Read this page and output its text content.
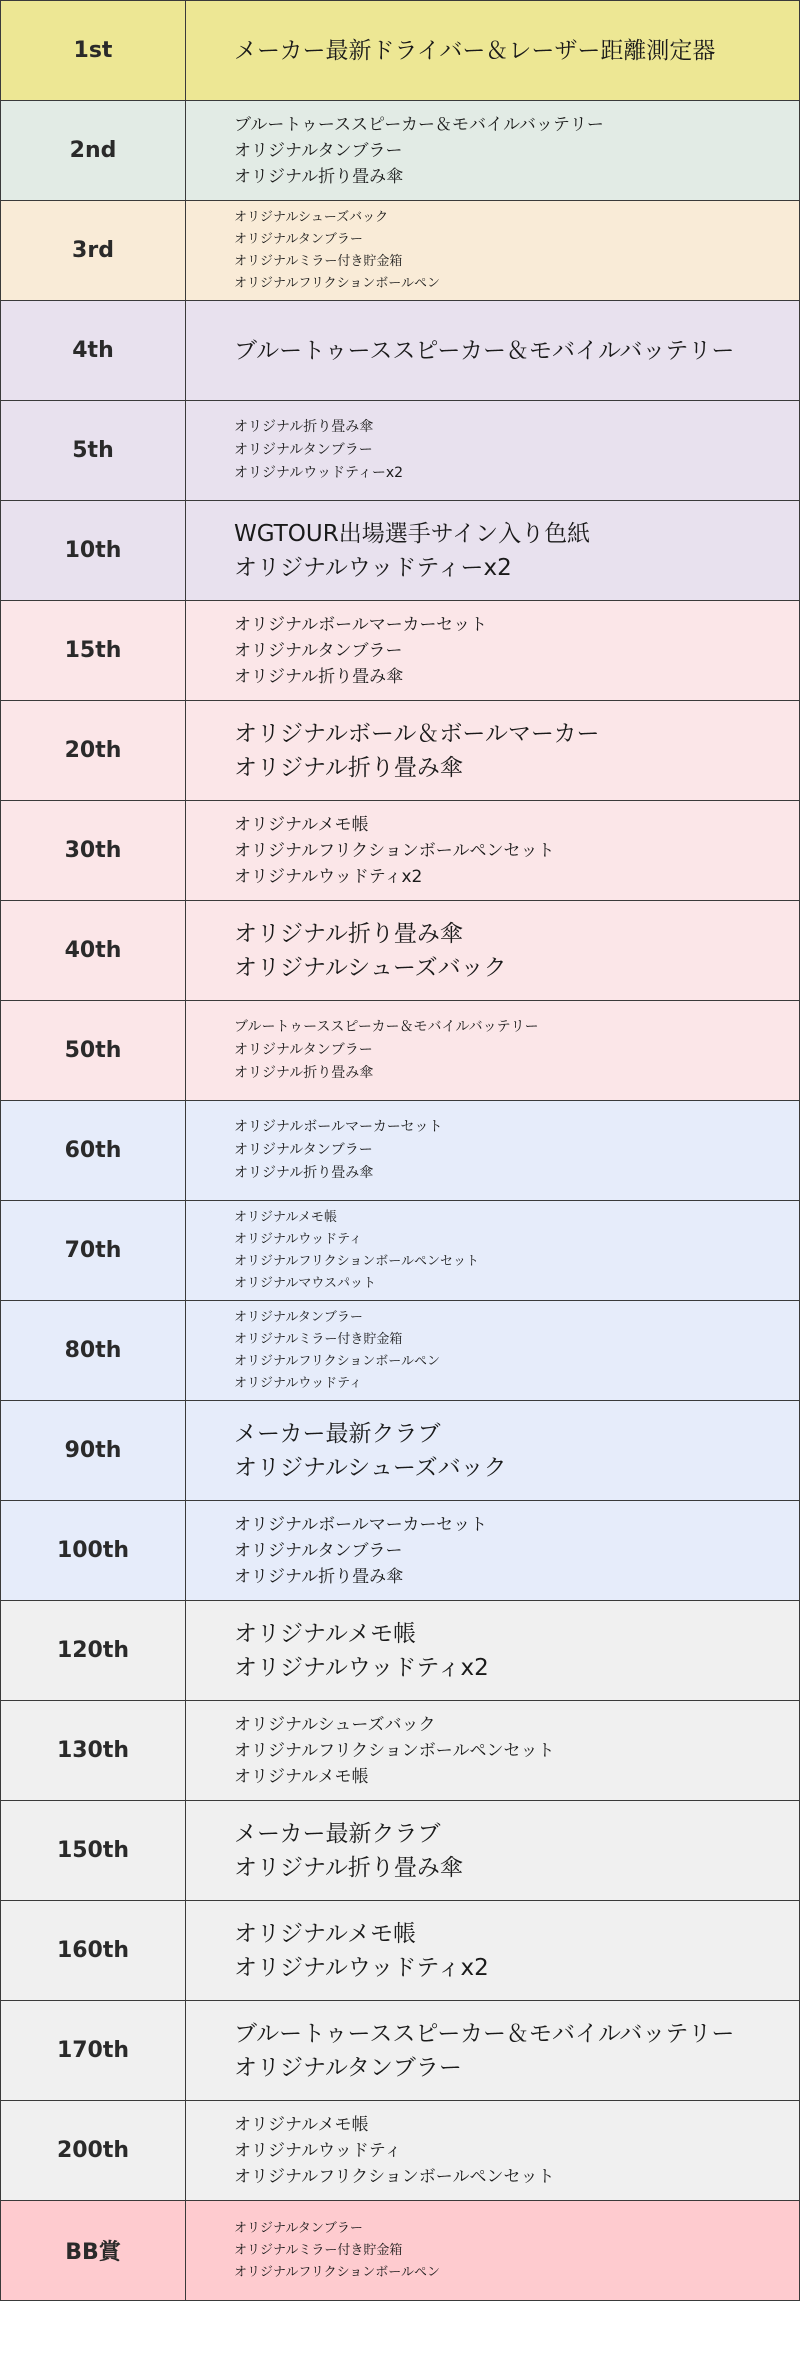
1st	メーカー最新ドライバー＆レーザー距離測定器

2nd	ブルートゥーススピーカー＆モバイルバッテリー
オリジナルタンブラー
オリジナル折り畳み傘

3rd	オリジナルシューズバック
オリジナルタンブラー
オリジナルミラー付き貯金箱
オリジナルフリクションボールペン

4th	ブルートゥーススピーカー＆モバイルバッテリー

5th	オリジナル折り畳み傘
オリジナルタンブラー
オリジナルウッドティーx2

10th	WGTOUR出場選手サイン入り色紙
オリジナルウッドティーx2

15th	オリジナルボールマーカーセット
オリジナルタンブラー
オリジナル折り畳み傘

20th	オリジナルボール＆ボールマーカー
オリジナル折り畳み傘

30th	オリジナルメモ帳
オリジナルフリクションボールペンセット
オリジナルウッドティx2

40th	オリジナル折り畳み傘
オリジナルシューズバック

50th	ブルートゥーススピーカー＆モバイルバッテリー
オリジナルタンブラー
オリジナル折り畳み傘

60th	オリジナルボールマーカーセット
オリジナルタンブラー
オリジナル折り畳み傘

70th	オリジナルメモ帳
オリジナルウッドティ
オリジナルフリクションボールペンセット
オリジナルマウスパット

80th	オリジナルタンブラー
オリジナルミラー付き貯金箱
オリジナルフリクションボールペン
オリジナルウッドティ

90th	メーカー最新クラブ
オリジナルシューズバック

100th	オリジナルボールマーカーセット
オリジナルタンブラー
オリジナル折り畳み傘

120th	オリジナルメモ帳
オリジナルウッドティx2

130th	オリジナルシューズバック
オリジナルフリクションボールペンセット
オリジナルメモ帳

150th	メーカー最新クラブ
オリジナル折り畳み傘

160th	オリジナルメモ帳
オリジナルウッドティx2

170th	ブルートゥーススピーカー＆モバイルバッテリー
オリジナルタンブラー

200th	オリジナルメモ帳
オリジナルウッドティ
オリジナルフリクションボールペンセット

BB賞	オリジナルタンブラー
オリジナルミラー付き貯金箱
オリジナルフリクションボールペン
